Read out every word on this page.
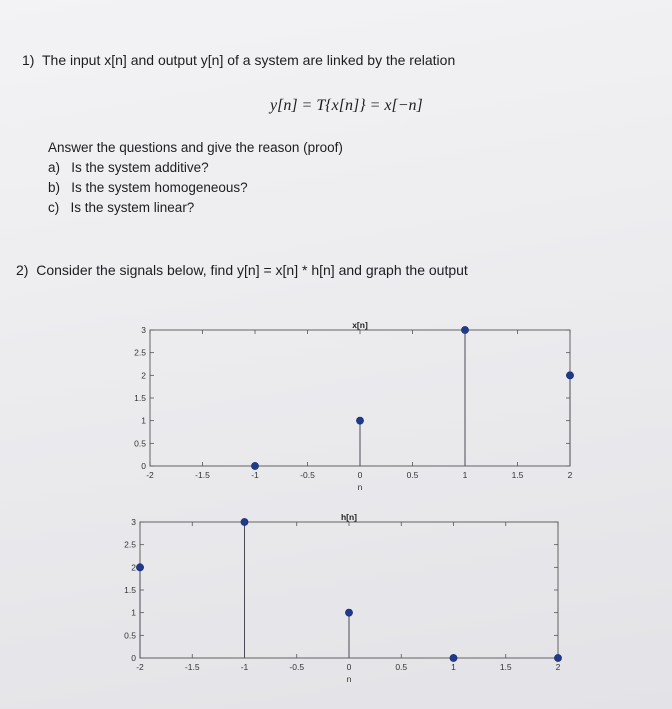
1) The input x[n] and output y[n] of a system are linked by the relation
y[n] = T{x[n]} = x[−n]
Answer the questions and give the reason (proof)
a) Is the system additive?
b) Is the system homogeneous?
c) Is the system linear?
2) Consider the signals below, find y[n] = x[n] * h[n] and graph the output
x[n]
-2	-1.5	-1	-0.5	0	0.5	1	1.5	2
0
0.5
1
1.5
2
2.5
3
n
h[n]
-2	-1.5	-1	-0.5	0	0.5	1	1.5	2
0
0.5
1
1.5
2
2.5
3
n
